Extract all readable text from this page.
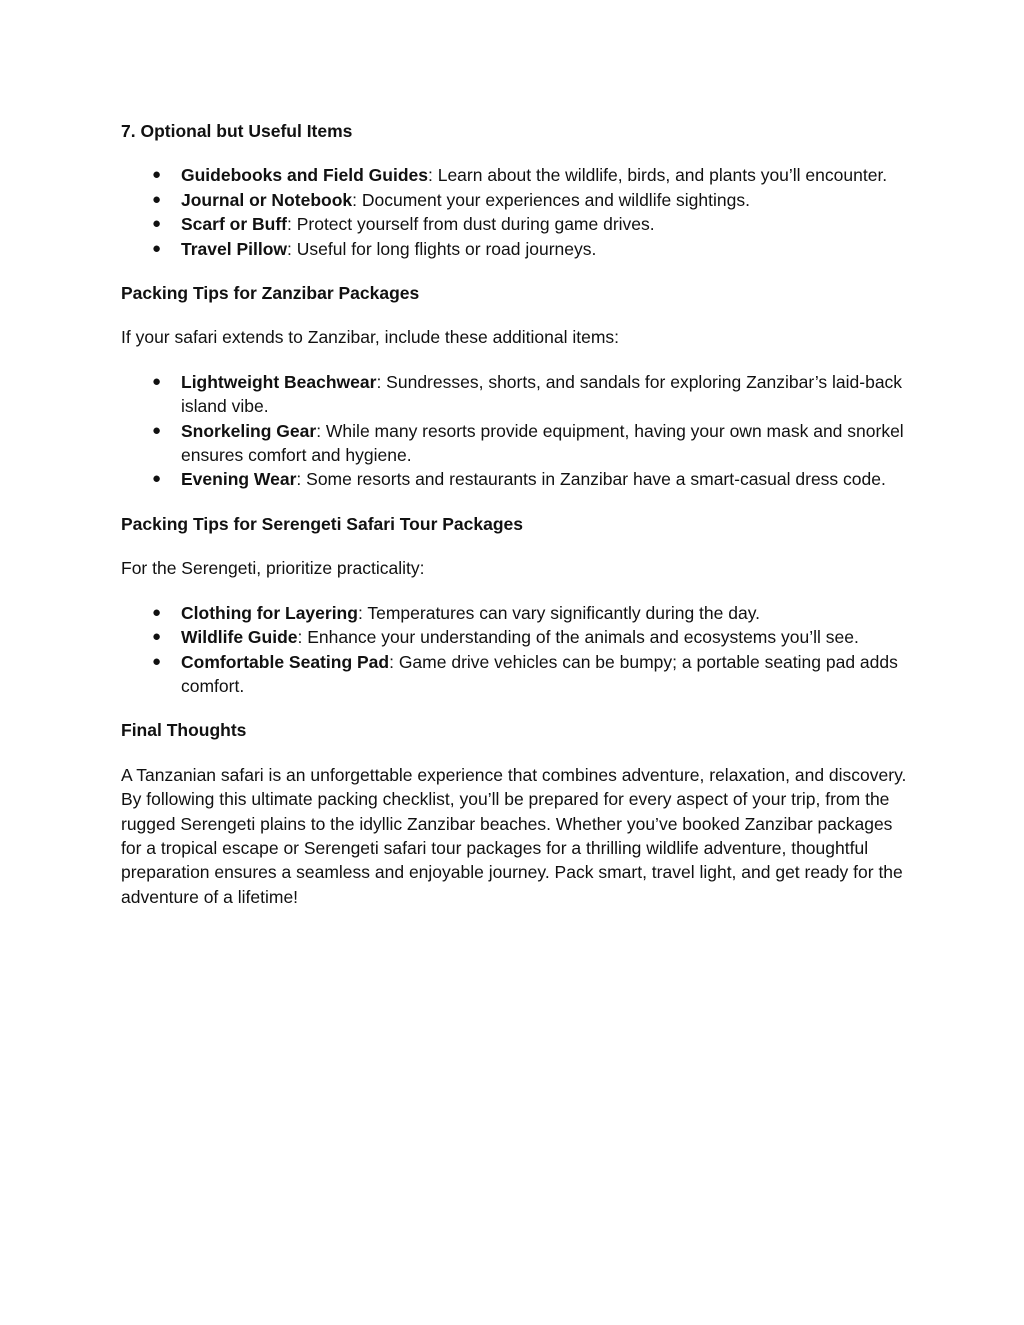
7. Optional but Useful Items
● Guidebooks and Field Guides: Learn about the wildlife, birds, and plants you’ll encounter.
● Journal or Notebook: Document your experiences and wildlife sightings.
● Scarf or Buff: Protect yourself from dust during game drives.
● Travel Pillow: Useful for long flights or road journeys.
Packing Tips for Zanzibar Packages
If your safari extends to Zanzibar, include these additional items:
● Lightweight Beachwear: Sundresses, shorts, and sandals for exploring Zanzibar’s laid-back island vibe.
● Snorkeling Gear: While many resorts provide equipment, having your own mask and snorkel ensures comfort and hygiene.
● Evening Wear: Some resorts and restaurants in Zanzibar have a smart-casual dress code.
Packing Tips for Serengeti Safari Tour Packages
For the Serengeti, prioritize practicality:
● Clothing for Layering: Temperatures can vary significantly during the day.
● Wildlife Guide: Enhance your understanding of the animals and ecosystems you’ll see.
● Comfortable Seating Pad: Game drive vehicles can be bumpy; a portable seating pad adds comfort.
Final Thoughts
A Tanzanian safari is an unforgettable experience that combines adventure, relaxation, and discovery. By following this ultimate packing checklist, you’ll be prepared for every aspect of your trip, from the rugged Serengeti plains to the idyllic Zanzibar beaches. Whether you’ve booked Zanzibar packages for a tropical escape or Serengeti safari tour packages for a thrilling wildlife adventure, thoughtful preparation ensures a seamless and enjoyable journey. Pack smart, travel light, and get ready for the adventure of a lifetime!
